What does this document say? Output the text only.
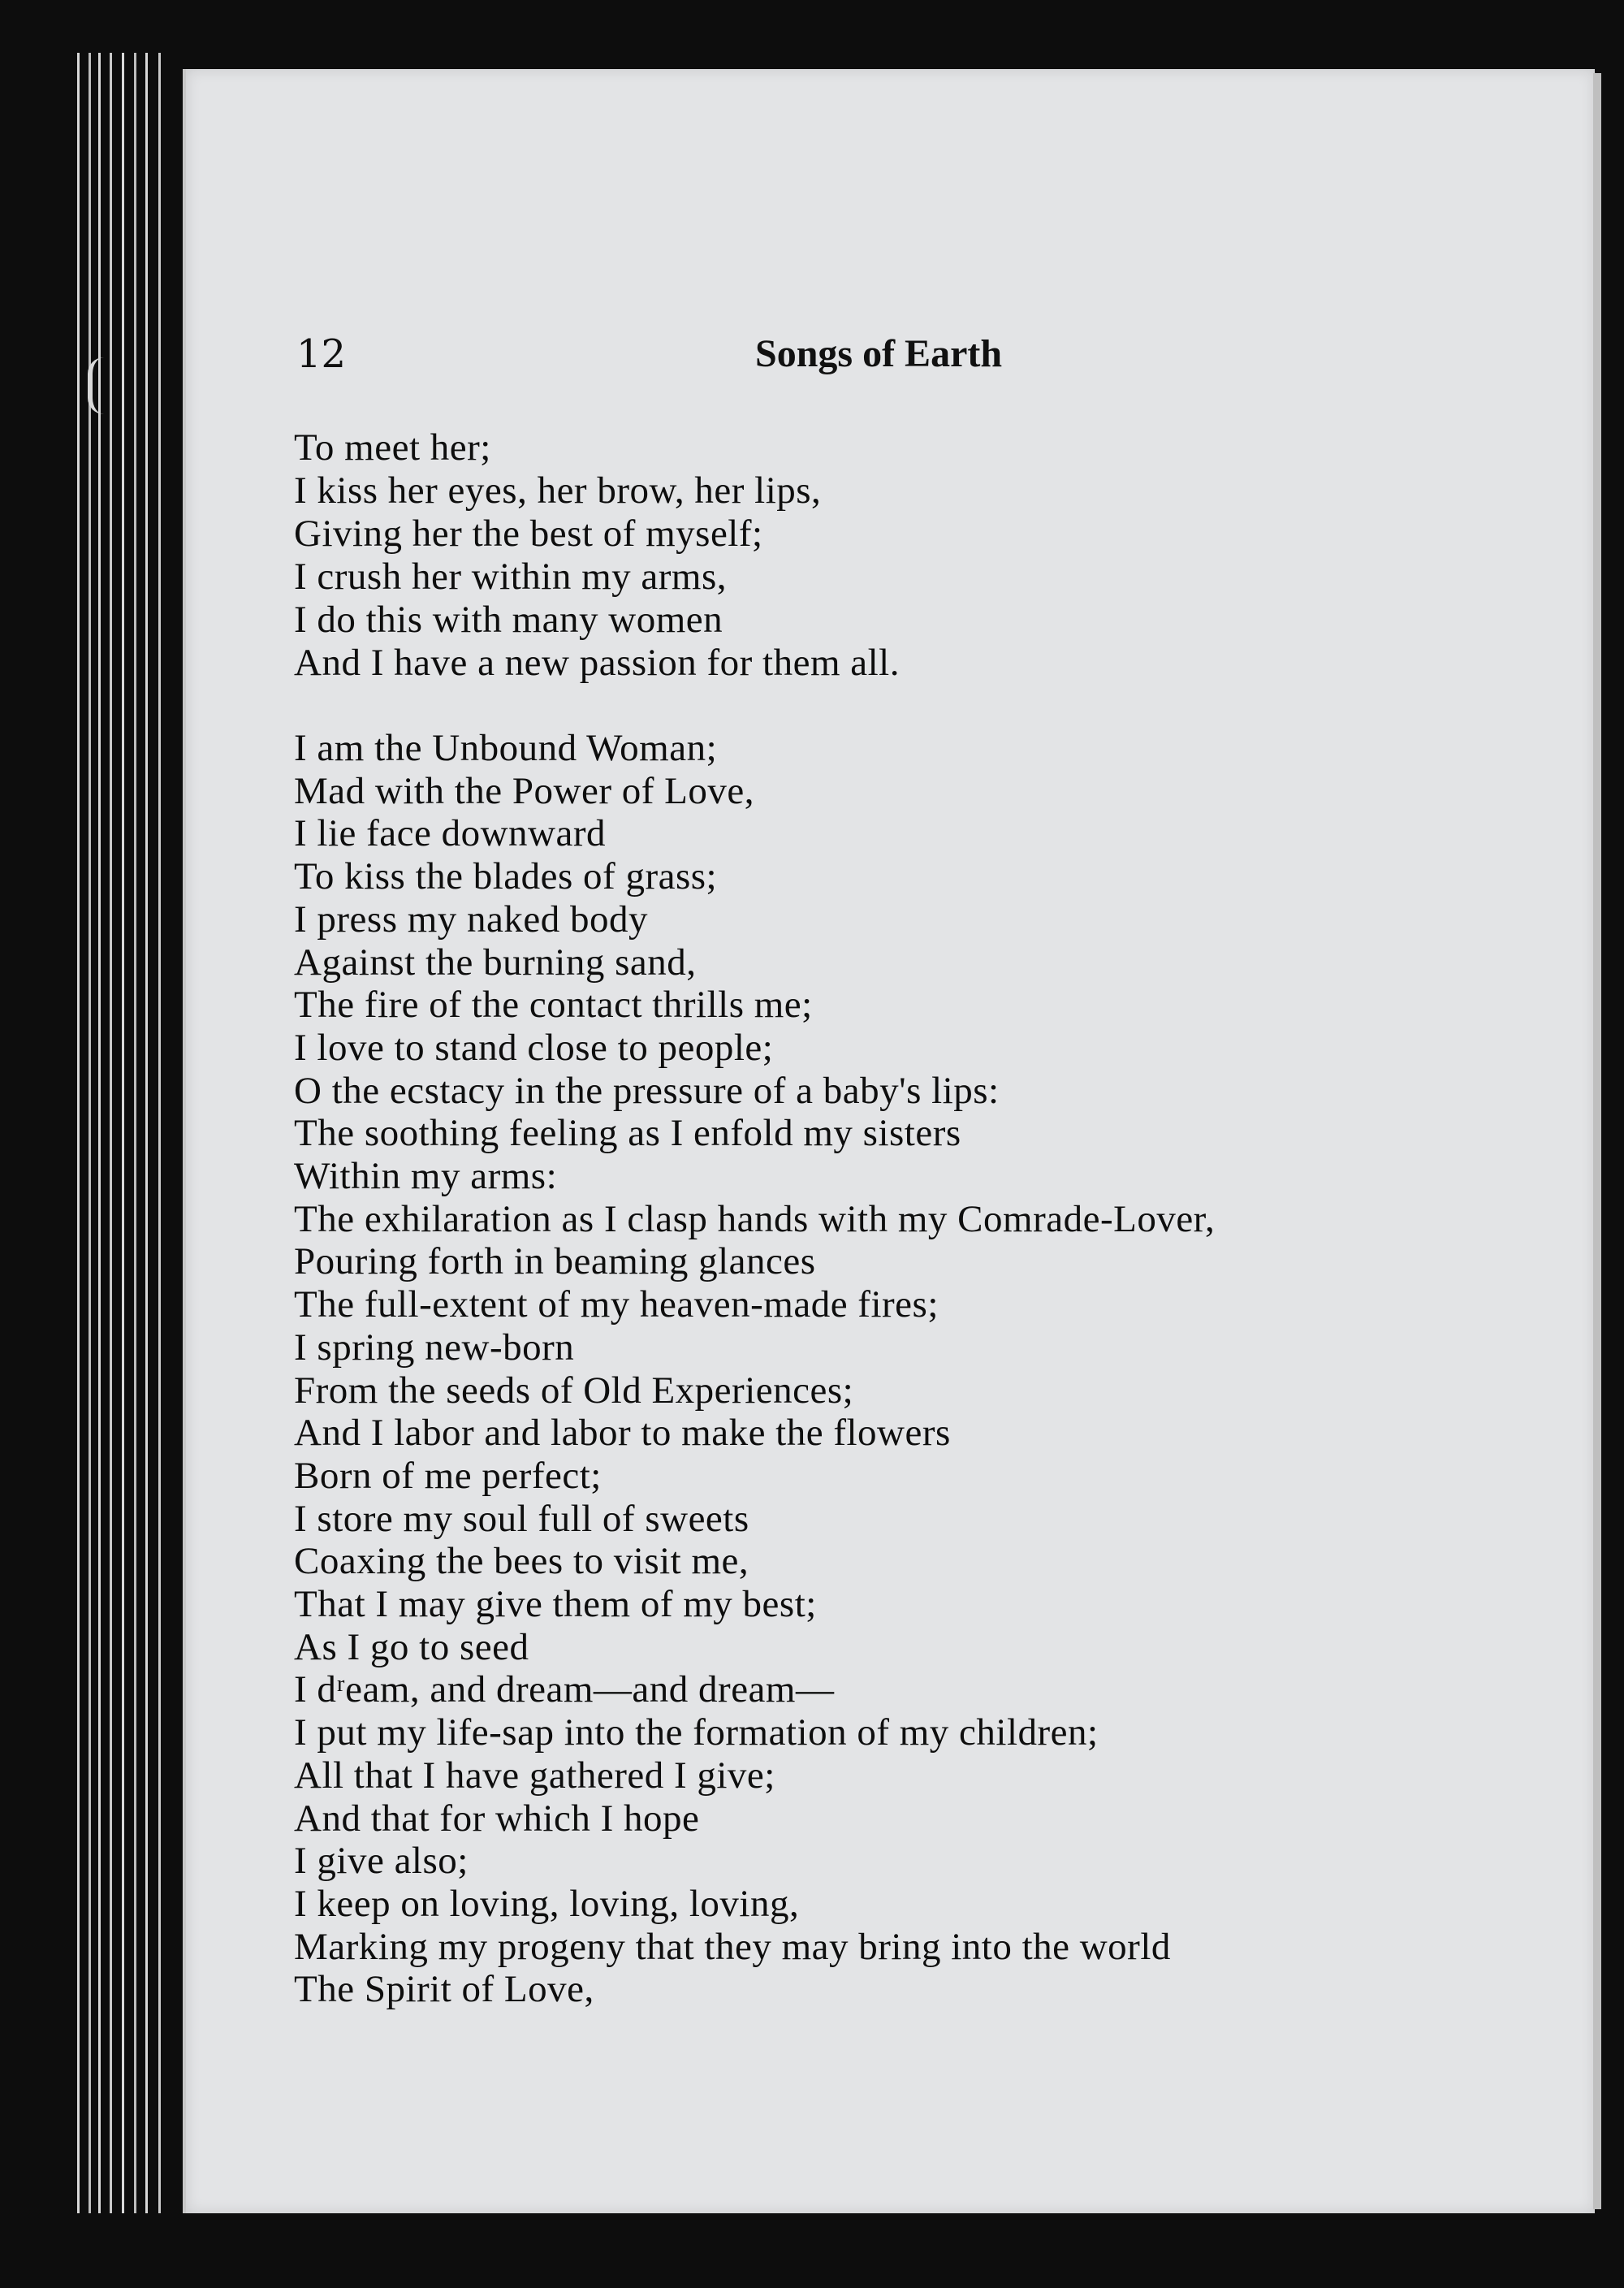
12	Songs of Earth
To meet her;
I kiss her eyes, her brow, her lips,
Giving her the best of myself;
I crush her within my arms,
I do this with many women
And I have a new passion for them all.
I am the Unbound Woman;
Mad with the Power of Love,
I lie face downward
To kiss the blades of grass;
I press my naked body
Against the burning sand,
The fire of the contact thrills me;
I love to stand close to people;
O the ecstacy in the pressure of a baby's lips:
The soothing feeling as I enfold my sisters
Within my arms:
The exhilaration as I clasp hands with my Comrade-Lover,
Pouring forth in beaming glances
The full-extent of my heaven-made fires;
I spring new-born
From the seeds of Old Experiences;
And I labor and labor to make the flowers
Born of me perfect;
I store my soul full of sweets
Coaxing the bees to visit me,
That I may give them of my best;
As I go to seed
I dʳeam, and dream—and dream—
I put my life-sap into the formation of my children;
All that I have gathered I give;
And that for which I hope
I give also;
I keep on loving, loving, loving,
Marking my progeny that they may bring into the world
The Spirit of Love,
